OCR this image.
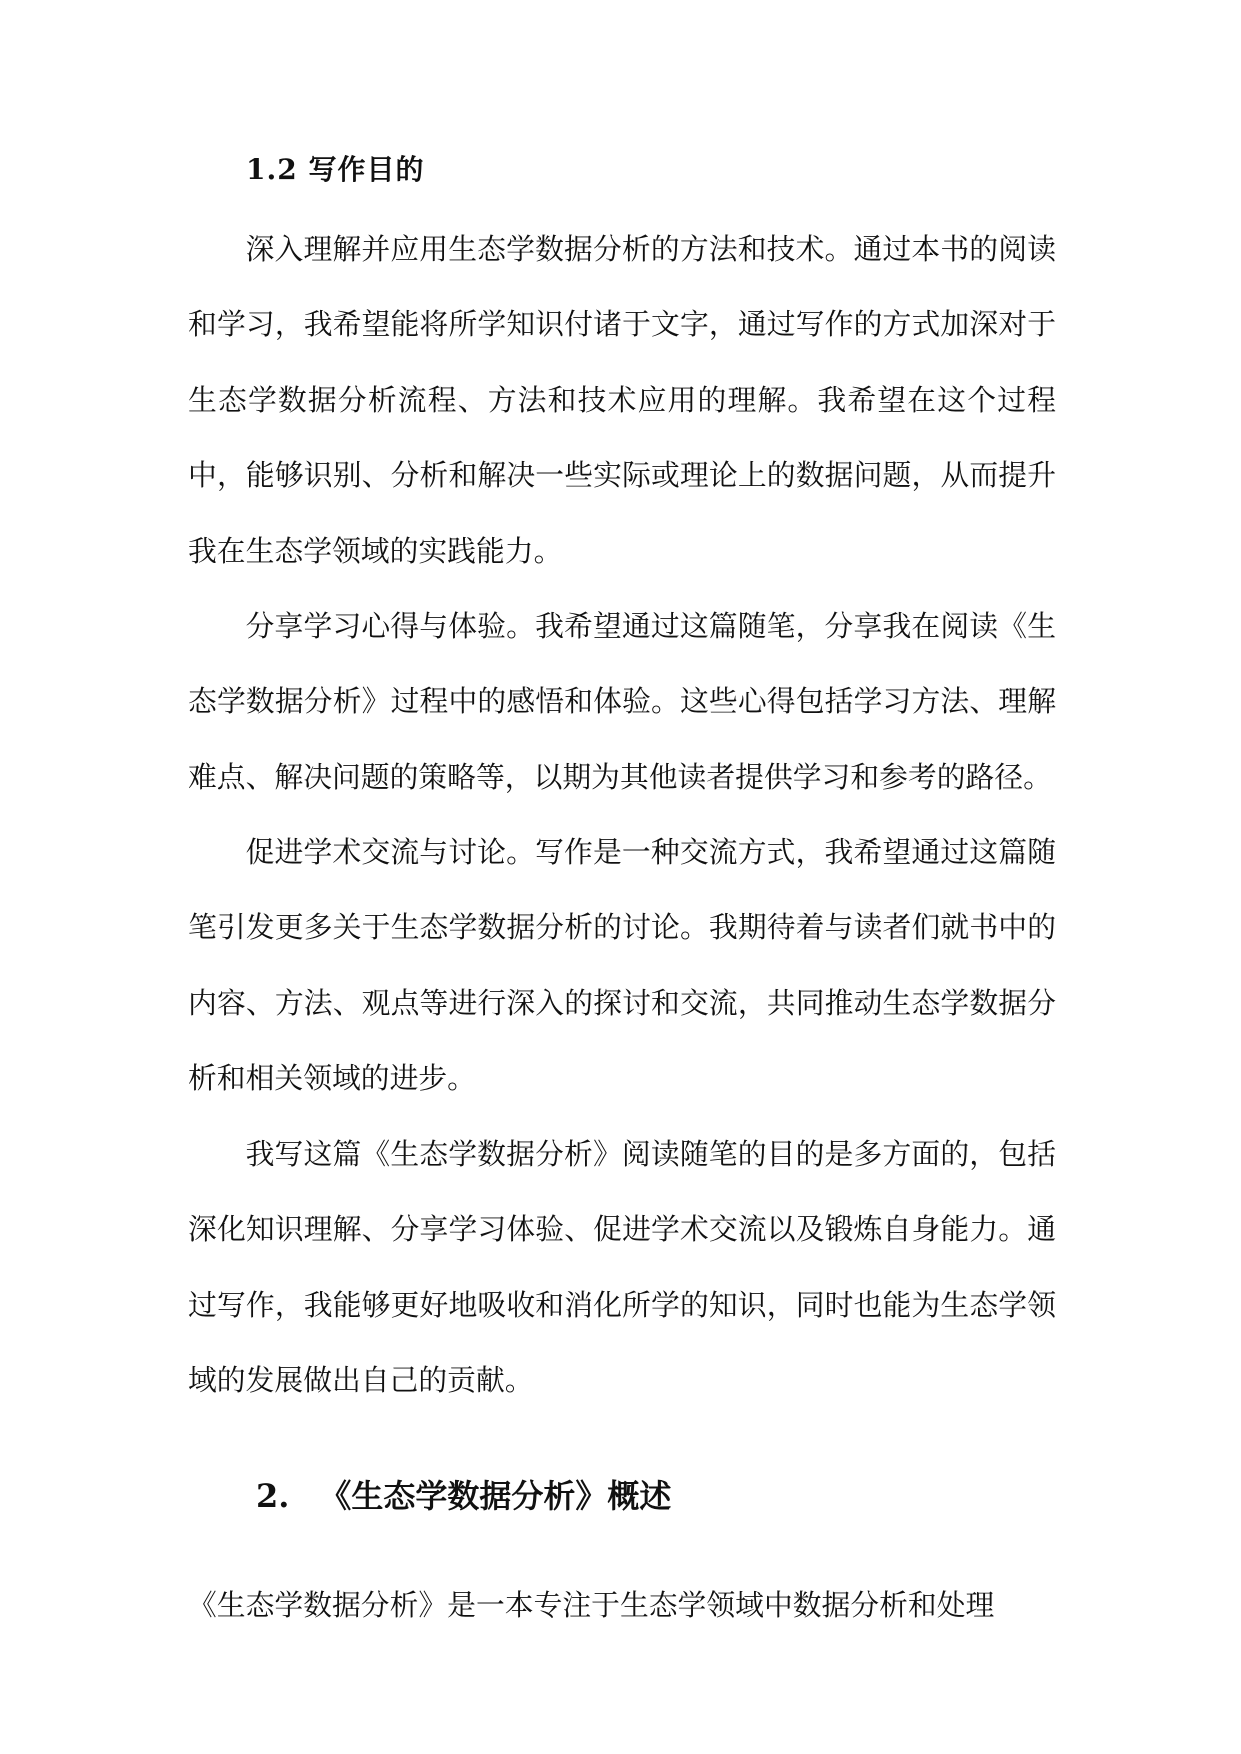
1.2 写作目的

深入理解并应用生态学数据分析的方法和技术。通过本书的阅读和学习，我希望能将所学知识付诸于文字，通过写作的方式加深对于生态学数据分析流程、方法和技术应用的理解。我希望在这个过程中，能够识别、分析和解决一些实际或理论上的数据问题，从而提升我在生态学领域的实践能力。

分享学习心得与体验。我希望通过这篇随笔，分享我在阅读《生态学数据分析》过程中的感悟和体验。这些心得包括学习方法、理解难点、解决问题的策略等，以期为其他读者提供学习和参考的路径。

促进学术交流与讨论。写作是一种交流方式，我希望通过这篇随笔引发更多关于生态学数据分析的讨论。我期待着与读者们就书中的内容、方法、观点等进行深入的探讨和交流，共同推动生态学数据分析和相关领域的进步。

我写这篇《生态学数据分析》阅读随笔的目的是多方面的，包括深化知识理解、分享学习体验、促进学术交流以及锻炼自身能力。通过写作，我能够更好地吸收和消化所学的知识，同时也能为生态学领域的发展做出自己的贡献。

2. 《生态学数据分析》概述

《生态学数据分析》是一本专注于生态学领域中数据分析和处理
